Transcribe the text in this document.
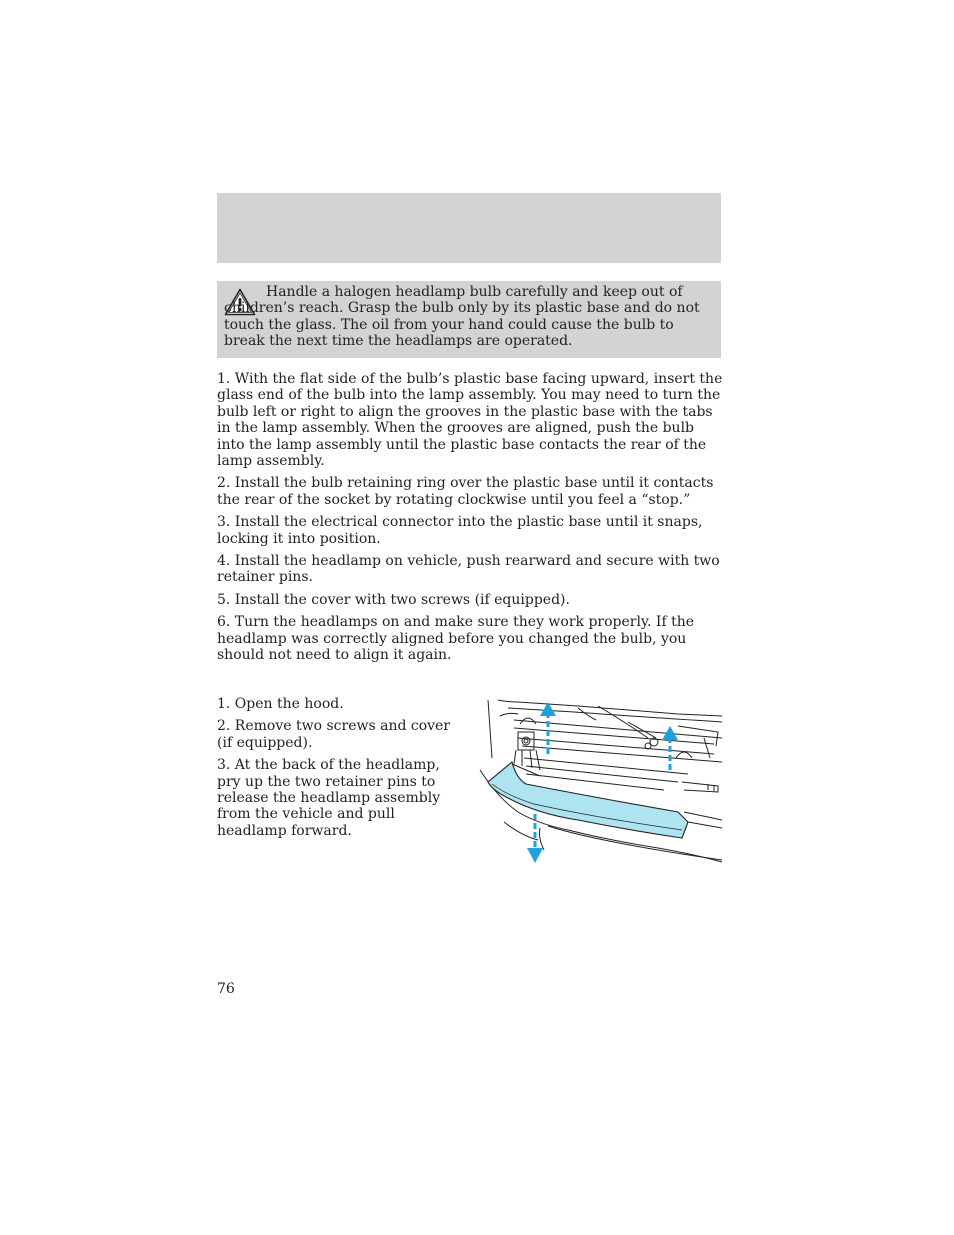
Handle a halogen headlamp bulb carefully and keep out of children’s reach. Grasp the bulb only by its plastic base and do not touch the glass. The oil from your hand could cause the bulb to break the next time the headlamps are operated.

1. With the flat side of the bulb’s plastic base facing upward, insert the glass end of the bulb into the lamp assembly. You may need to turn the bulb left or right to align the grooves in the plastic base with the tabs in the lamp assembly. When the grooves are aligned, push the bulb into the lamp assembly until the plastic base contacts the rear of the lamp assembly.

2. Install the bulb retaining ring over the plastic base until it contacts the rear of the socket by rotating clockwise until you feel a “stop.”

3. Install the electrical connector into the plastic base until it snaps, locking it into position.

4. Install the headlamp on vehicle, push rearward and secure with two retainer pins.

5. Install the cover with two screws (if equipped).

6. Turn the headlamps on and make sure they work properly. If the headlamp was correctly aligned before you changed the bulb, you should not need to align it again.

1. Open the hood.

2. Remove two screws and cover (if equipped).

3. At the back of the headlamp, pry up the two retainer pins to release the headlamp assembly from the vehicle and pull headlamp forward.

76
